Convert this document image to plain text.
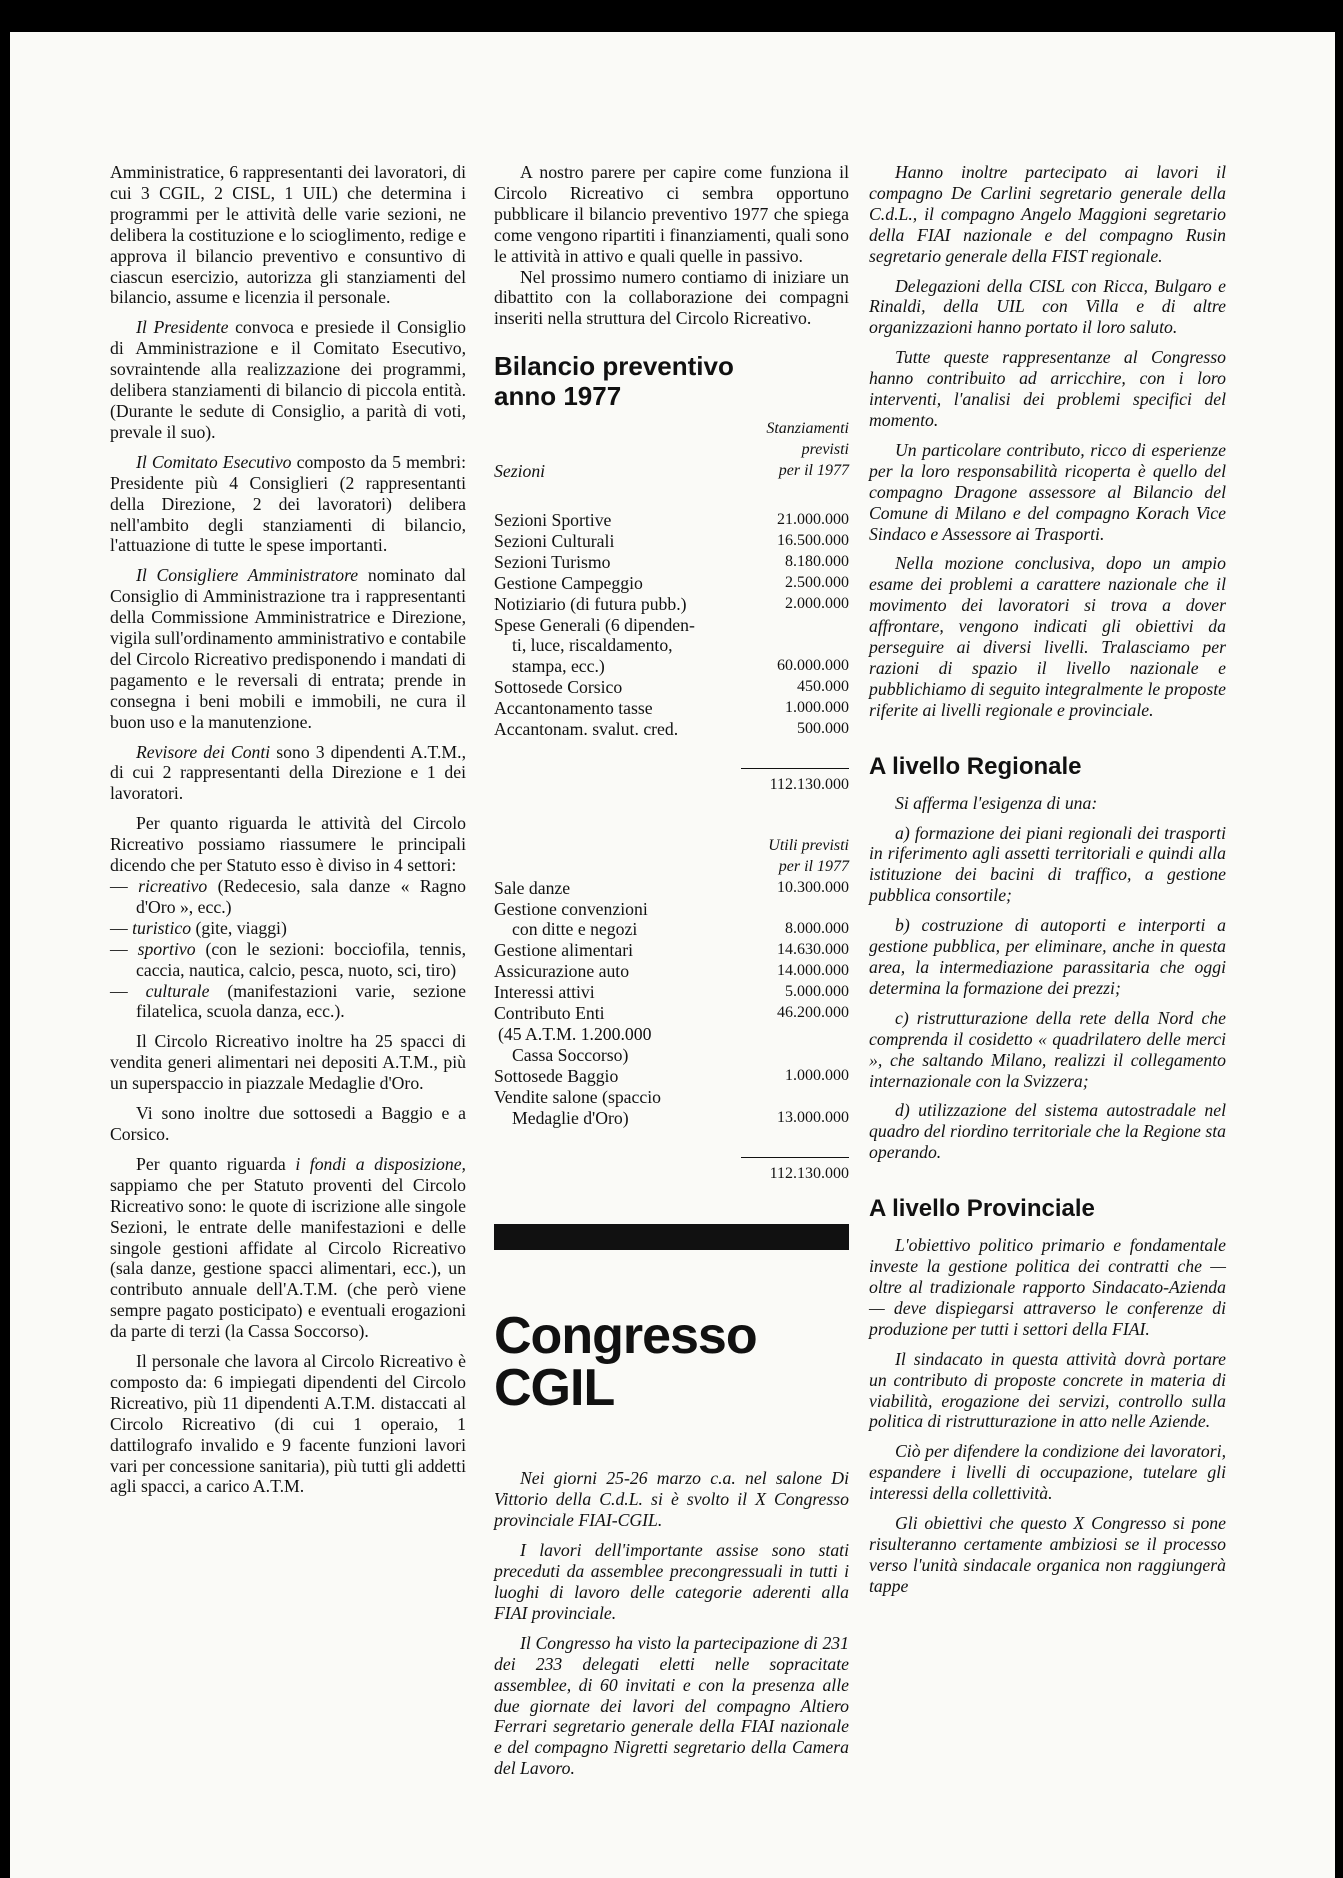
Amministratice, 6 rappresentanti dei lavoratori, di cui 3 CGIL, 2 CISL, 1 UIL) che determina i programmi per le attività delle varie sezioni, ne delibera la costituzione e lo scioglimento, redige e approva il bilancio preventivo e consuntivo di ciascun esercizio, autorizza gli stanziamenti del bilancio, assume e licenzia il personale.

Il Presidente convoca e presiede il Consiglio di Amministrazione e il Comitato Esecutivo, sovraintende alla realizzazione dei programmi, delibera stanziamenti di bilancio di piccola entità. (Durante le sedute di Consiglio, a parità di voti, prevale il suo).

Il Comitato Esecutivo composto da 5 membri: Presidente più 4 Consiglieri (2 rappresentanti della Direzione, 2 dei lavoratori) delibera nell'ambito degli stanziamenti di bilancio, l'attuazione di tutte le spese importanti.

Il Consigliere Amministratore nominato dal Consiglio di Amministrazione tra i rappresentanti della Commissione Amministratrice e Direzione, vigila sull'ordinamento amministrativo e contabile del Circolo Ricreativo predisponendo i mandati di pagamento e le reversali di entrata; prende in consegna i beni mobili e immobili, ne cura il buon uso e la manutenzione.

Revisore dei Conti sono 3 dipendenti A.T.M., di cui 2 rappresentanti della Direzione e 1 dei lavoratori.

Per quanto riguarda le attività del Circolo Ricreativo possiamo riassumere le principali dicendo che per Statuto esso è diviso in 4 settori:

— ricreativo (Redecesio, sala danze « Ragno d'Oro », ecc.)
— turistico (gite, viaggi)
— sportivo (con le sezioni: bocciofila, tennis, caccia, nautica, calcio, pesca, nuoto, sci, tiro)
— culturale (manifestazioni varie, sezione filatelica, scuola danza, ecc.).

Il Circolo Ricreativo inoltre ha 25 spacci di vendita generi alimentari nei depositi A.T.M., più un superspaccio in piazzale Medaglie d'Oro.

Vi sono inoltre due sottosedi a Baggio e a Corsico.

Per quanto riguarda i fondi a disposizione, sappiamo che per Statuto proventi del Circolo Ricreativo sono: le quote di iscrizione alle singole Sezioni, le entrate delle manifestazioni e delle singole gestioni affidate al Circolo Ricreativo (sala danze, gestione spacci alimentari, ecc.), un contributo annuale dell'A.T.M. (che però viene sempre pagato posticipato) e eventuali erogazioni da parte di terzi (la Cassa Soccorso).

Il personale che lavora al Circolo Ricreativo è composto da: 6 impiegati dipendenti del Circolo Ricreativo, più 11 dipendenti A.T.M. distaccati al Circolo Ricreativo (di cui 1 operaio, 1 dattilografo invalido e 9 facente funzioni lavori vari per concessione sanitaria), più tutti gli addetti agli spacci, a carico A.T.M.

A nostro parere per capire come funziona il Circolo Ricreativo ci sembra opportuno pubblicare il bilancio preventivo 1977 che spiega come vengono ripartiti i finanziamenti, quali sono le attività in attivo e quali quelle in passivo.

Nel prossimo numero contiamo di iniziare un dibattito con la collaborazione dei compagni inseriti nella struttura del Circolo Ricreativo.

Bilancio preventivo
anno 1977
Sezioni	Stanziamenti
previsti
per il 1977

Sezioni Sportive	21.000.000
Sezioni Culturali	16.500.000
Sezioni Turismo	8.180.000
Gestione Campeggio	2.500.000
Notiziario (di futura pubb.)	2.000.000
Spese Generali (6 dipenden-	
ti, luce, riscaldamento,	
stampa, ecc.)	60.000.000
Sottosede Corsico	450.000
Accantonamento tasse	1.000.000
Accantonam. svalut. cred.	500.000

	112.130.000

	Utili previsti
per il 1977
Sale danze	10.300.000
Gestione convenzioni	
con ditte e negozi	8.000.000
Gestione alimentari	14.630.000
Assicurazione auto	14.000.000
Interessi attivi	5.000.000
Contributo Enti	46.200.000
(45 A.T.M. 1.200.000	
Cassa Soccorso)	
Sottosede Baggio	1.000.000
Vendite salone (spaccio	
Medaglie d'Oro)	13.000.000

	112.130.000
Congresso
CGIL

Nei giorni 25-26 marzo c.a. nel salone Di Vittorio della C.d.L. si è svolto il X Congresso provinciale FIAI-CGIL.

I lavori dell'importante assise sono stati preceduti da assemblee precongressuali in tutti i luoghi di lavoro delle categorie aderenti alla FIAI provinciale.

Il Congresso ha visto la partecipazione di 231 dei 233 delegati eletti nelle sopracitate assemblee, di 60 invitati e con la presenza alle due giornate dei lavori del compagno Altiero Ferrari segretario generale della FIAI nazionale e del compagno Nigretti segretario della Camera del Lavoro.

Hanno inoltre partecipato ai lavori il compagno De Carlini segretario generale della C.d.L., il compagno Angelo Maggioni segretario della FIAI nazionale e del compagno Rusin segretario generale della FIST regionale.

Delegazioni della CISL con Ricca, Bulgaro e Rinaldi, della UIL con Villa e di altre organizzazioni hanno portato il loro saluto.

Tutte queste rappresentanze al Congresso hanno contribuito ad arricchire, con i loro interventi, l'analisi dei problemi specifici del momento.

Un particolare contributo, ricco di esperienze per la loro responsabilità ricoperta è quello del compagno Dragone assessore al Bilancio del Comune di Milano e del compagno Korach Vice Sindaco e Assessore ai Trasporti.

Nella mozione conclusiva, dopo un ampio esame dei problemi a carattere nazionale che il movimento dei lavoratori si trova a dover affrontare, vengono indicati gli obiettivi da perseguire ai diversi livelli. Tralasciamo per razioni di spazio il livello nazionale e pubblichiamo di seguito integralmente le proposte riferite ai livelli regionale e provinciale.

A livello Regionale

Si afferma l'esigenza di una:

a) formazione dei piani regionali dei trasporti in riferimento agli assetti territoriali e quindi alla istituzione dei bacini di traffico, a gestione pubblica consortile;

b) costruzione di autoporti e interporti a gestione pubblica, per eliminare, anche in questa area, la intermediazione parassitaria che oggi determina la formazione dei prezzi;

c) ristrutturazione della rete della Nord che comprenda il cosidetto « quadrilatero delle merci », che saltando Milano, realizzi il collegamento internazionale con la Svizzera;

d) utilizzazione del sistema autostradale nel quadro del riordino territoriale che la Regione sta operando.

A livello Provinciale

L'obiettivo politico primario e fondamentale investe la gestione politica dei contratti che — oltre al tradizionale rapporto Sindacato-Azienda — deve dispiegarsi attraverso le conferenze di produzione per tutti i settori della FIAI.

Il sindacato in questa attività dovrà portare un contributo di proposte concrete in materia di viabilità, erogazione dei servizi, controllo sulla politica di ristrutturazione in atto nelle Aziende.

Ciò per difendere la condizione dei lavoratori, espandere i livelli di occupazione, tutelare gli interessi della collettività.

Gli obiettivi che questo X Congresso si pone risulteranno certamente ambiziosi se il processo verso l'unità sindacale organica non raggiungerà tappe
